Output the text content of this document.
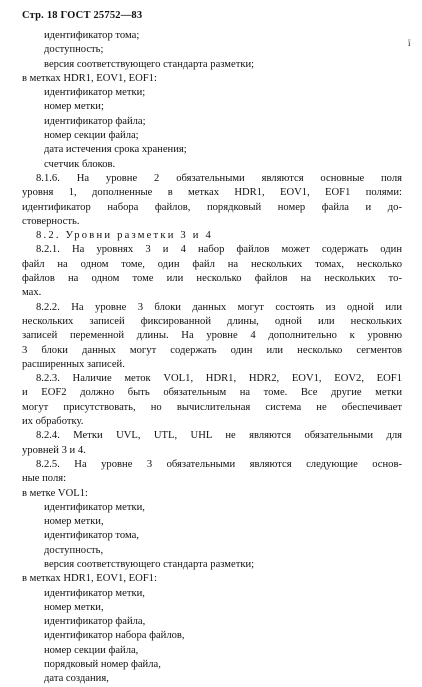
Стр. 18 ГОСТ 25752—83
ї
идентификатор тома;
доступность;
версия соответствующего стандарта разметки;
в метках HDR1, EOV1, EOF1:
идентификатор метки;
номер метки;
идентификатор файла;
номер секции файла;
дата истечения срока хранения;
счетчик блоков.
8.1.6. На уровне 2 обязательными являются основные поля
уровня 1, дополненные в метках HDR1, EOV1, EOF1 полями:
идентификатор набора файлов, порядковый номер файла и до-
стоверность.
8.2. Уровни разметки 3 и 4
8.2.1. На уровнях 3 и 4 набор файлов может содержать один
файл на одном томе, один файл на нескольких томах, несколько
файлов на одном томе или несколько файлов на нескольких то-
мах.
8.2.2. На уровне 3 блоки данных могут состоять из одной или
нескольких записей фиксированной длины, одной или нескольких
записей переменной длины. На уровне 4 дополнительно к уровню
3 блоки данных могут содержать один или несколько сегментов
расширенных записей.
8.2.3. Наличие меток VOL1, HDR1, HDR2, EOV1, EOV2, EOF1
и EOF2 должно быть обязательным на томе. Все другие метки
могут присутствовать, но вычислительная система не обеспечивает
их обработку.
8.2.4. Метки UVL, UTL, UHL не являются обязательными для
уровней 3 и 4.
8.2.5. На уровне 3 обязательными являются следующие основ-
ные поля:
в метке VOL1:
идентификатор метки,
номер метки,
идентификатор тома,
доступность,
версия соответствующего стандарта разметки;
в метках HDR1, EOV1, EOF1:
идентификатор метки,
номер метки,
идентификатор файла,
идентификатор набора файлов,
номер секции файла,
порядковый номер файла,
дата создания,
